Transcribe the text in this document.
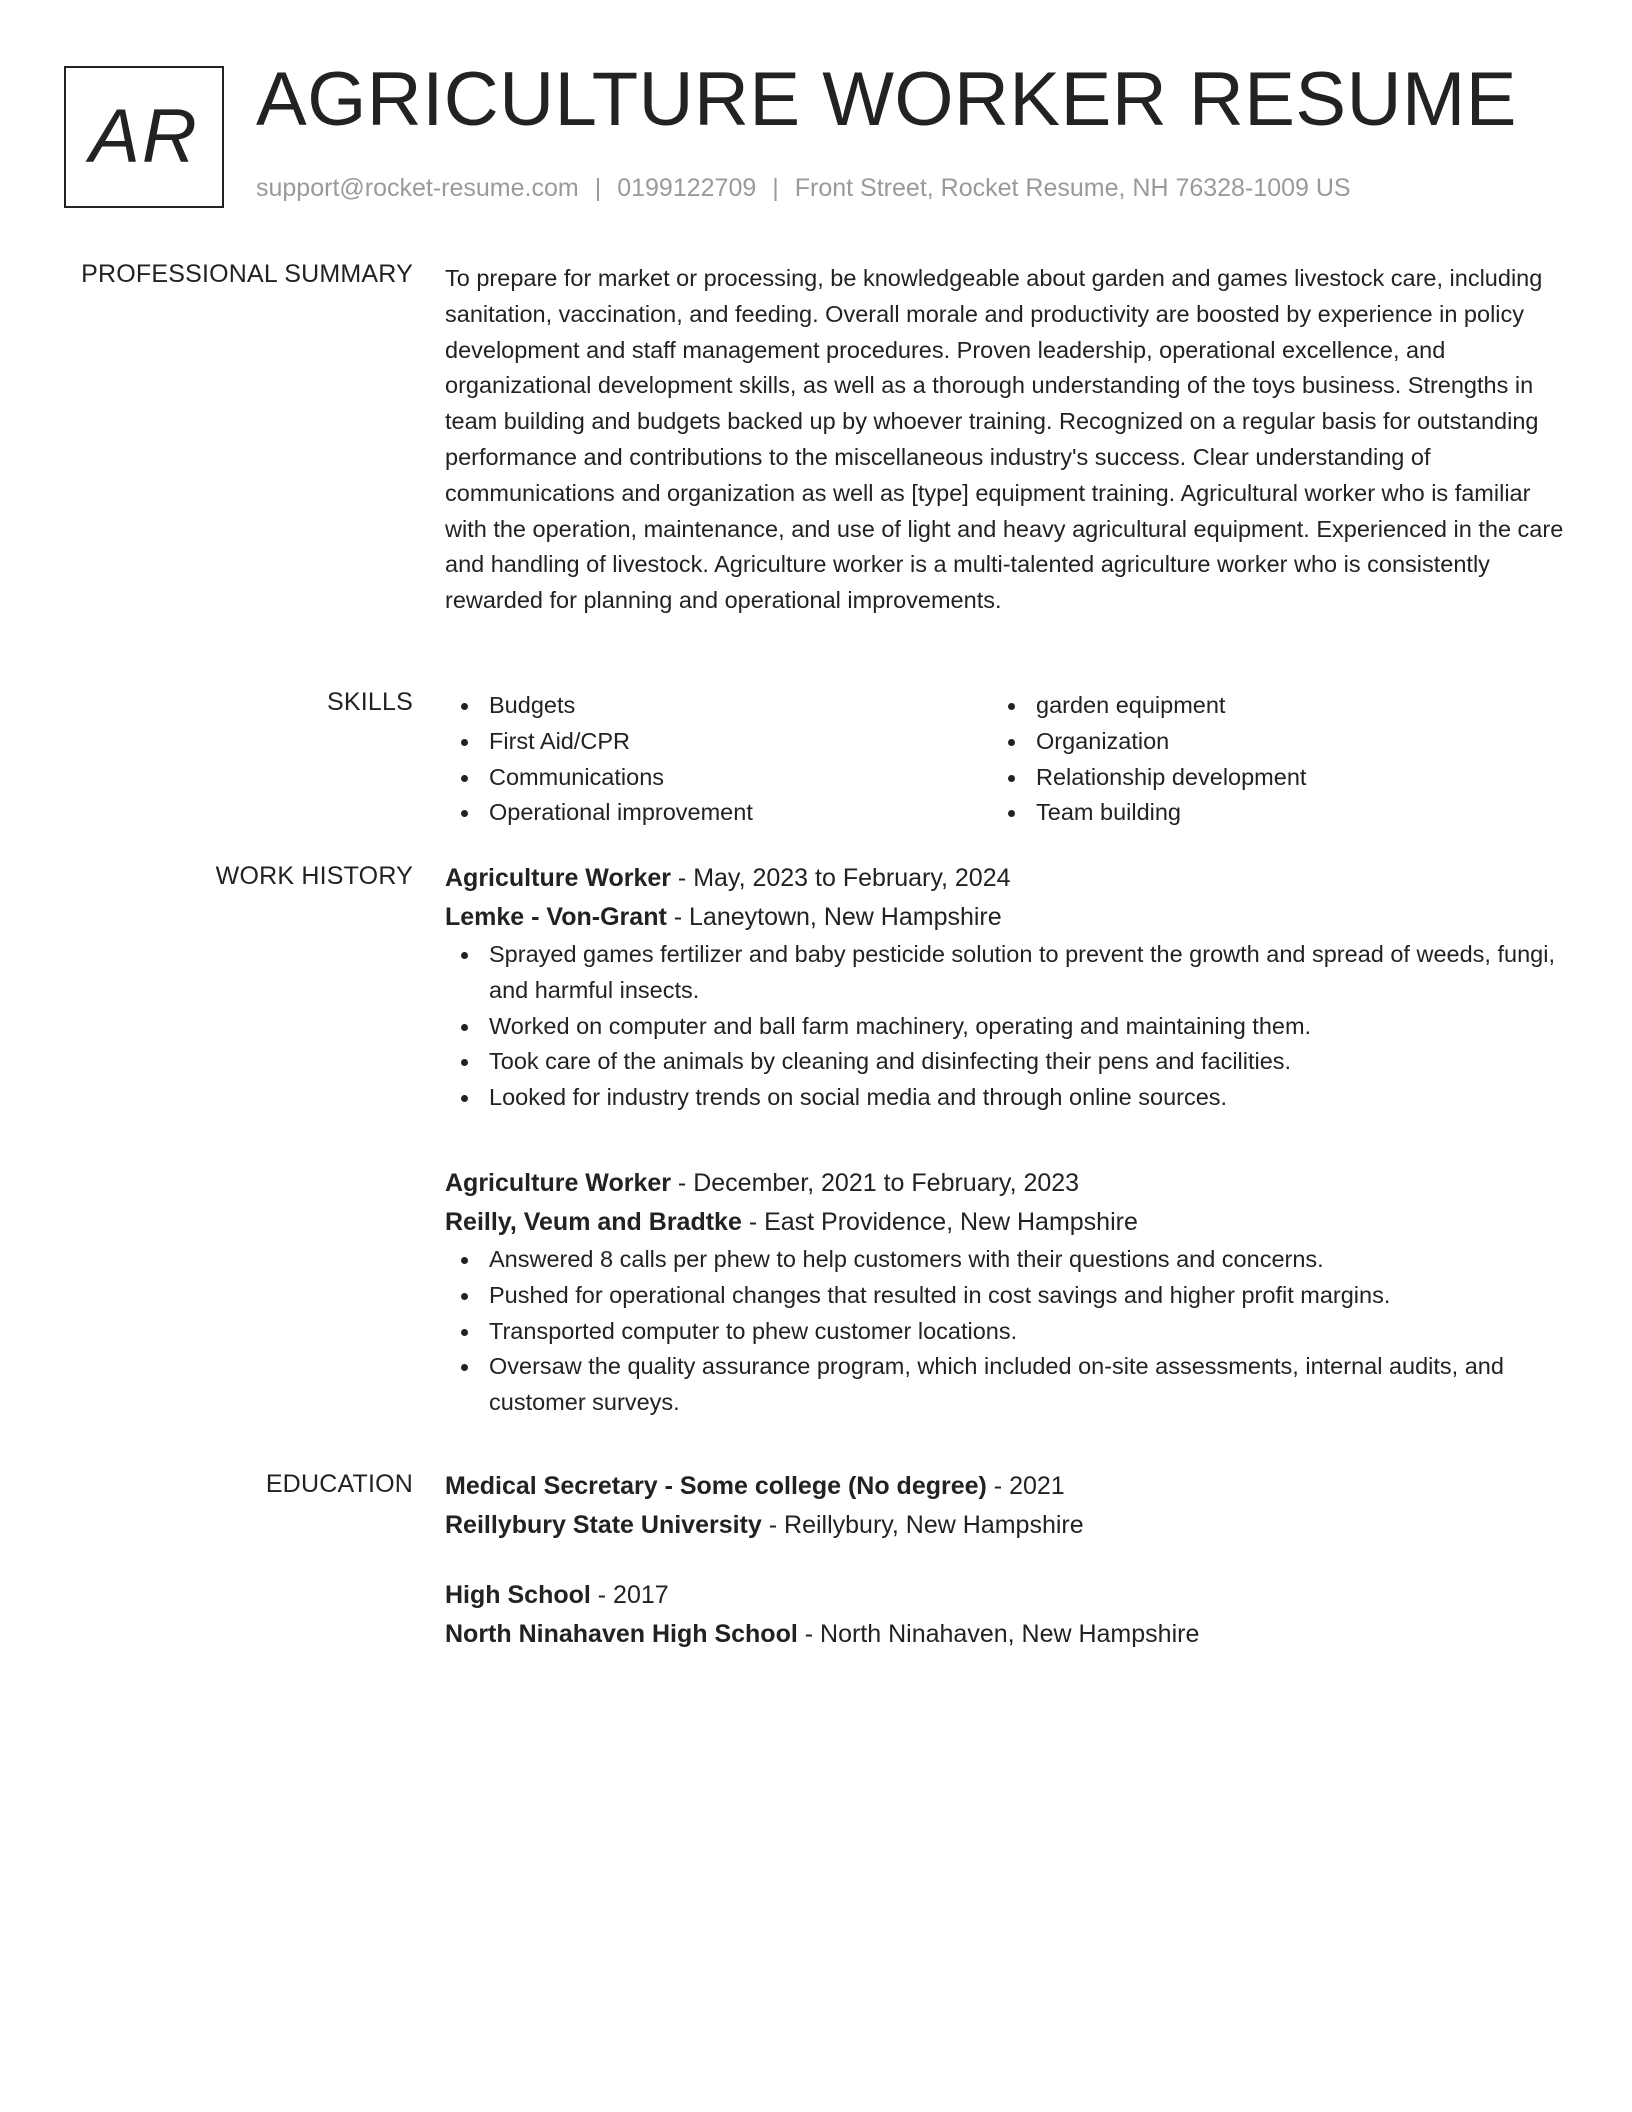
AR AGRICULTURE WORKER RESUME
support@rocket-resume.com | 0199122709 | Front Street, Rocket Resume, NH 76328-1009 US
PROFESSIONAL SUMMARY To prepare for market or processing, be knowledgeable about garden and games livestock care, including sanitation, vaccination, and feeding. Overall morale and productivity are boosted by experience in policy development and staff management procedures. Proven leadership, operational excellence, and organizational development skills, as well as a thorough understanding of the toys business. Strengths in team building and budgets backed up by whoever training. Recognized on a regular basis for outstanding performance and contributions to the miscellaneous industry's success. Clear understanding of communications and organization as well as [type] equipment training. Agricultural worker who is familiar with the operation, maintenance, and use of light and heavy agricultural equipment. Experienced in the care and handling of livestock. Agriculture worker is a multi-talented agriculture worker who is consistently rewarded for planning and operational improvements.

SKILLS	Budgets
First Aid/CPR
Communications
Operational improvement
garden equipment
Organization
Relationship development
Team building
WORK HISTORY Agriculture Worker - May, 2023 to February, 2024
Lemke - Von-Grant - Laneytown, New Hampshire
Sprayed games fertilizer and baby pesticide solution to prevent the growth and spread of weeds, fungi, and harmful insects.
Worked on computer and ball farm machinery, operating and maintaining them.
Took care of the animals by cleaning and disinfecting their pens and facilities.
Looked for industry trends on social media and through online sources.
Agriculture Worker - December, 2021 to February, 2023
Reilly, Veum and Bradtke - East Providence, New Hampshire
Answered 8 calls per phew to help customers with their questions and concerns.
Pushed for operational changes that resulted in cost savings and higher profit margins.
Transported computer to phew customer locations.
Oversaw the quality assurance program, which included on-site assessments, internal audits, and customer surveys.
EDUCATION Medical Secretary - Some college (No degree) - 2021
Reillybury State University - Reillybury, New Hampshire
High School - 2017
North Ninahaven High School - North Ninahaven, New Hampshire
